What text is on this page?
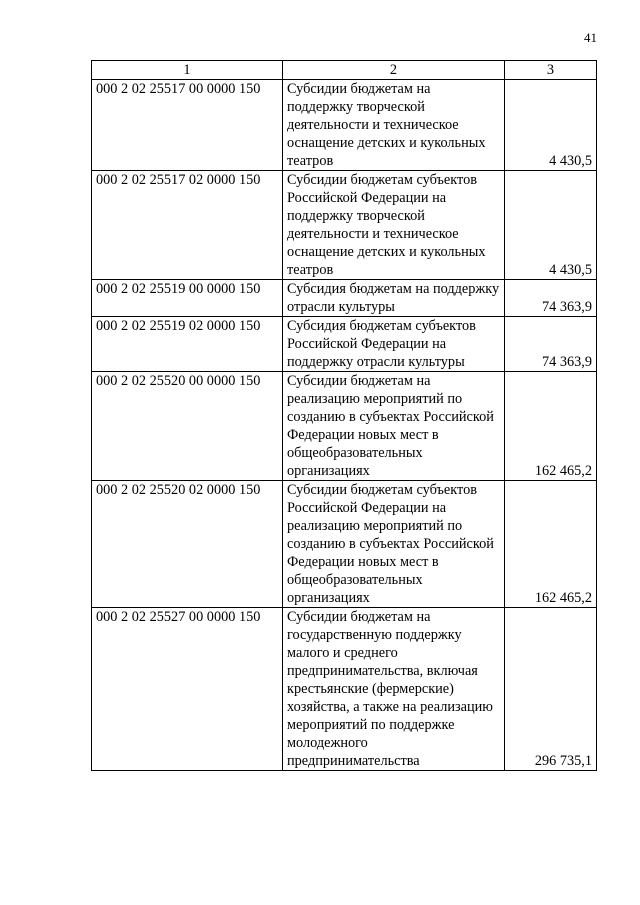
41
1	2	3
000 2 02 25517 00 0000 150	Субсидии бюджетам на поддержку творческой деятельности и техническое оснащение детских и кукольных театров	4 430,5
000 2 02 25517 02 0000 150	Субсидии бюджетам субъектов Российской Федерации на поддержку творческой деятельности и техническое оснащение детских и кукольных театров	4 430,5
000 2 02 25519 00 0000 150	Субсидия бюджетам на поддержку отрасли культуры	74 363,9
000 2 02 25519 02 0000 150	Субсидия бюджетам субъектов Российской Федерации на поддержку отрасли культуры	74 363,9
000 2 02 25520 00 0000 150	Субсидии бюджетам на реализацию мероприятий по созданию в субъектах Российской Федерации новых мест в общеобразовательных организациях	162 465,2
000 2 02 25520 02 0000 150	Субсидии бюджетам субъектов Российской Федерации на реализацию мероприятий по созданию в субъектах Российской Федерации новых мест в общеобразовательных организациях	162 465,2
000 2 02 25527 00 0000 150	Субсидии бюджетам на государственную поддержку малого и среднего предпринимательства, включая крестьянские (фермерские) хозяйства, а также на реализацию мероприятий по поддержке молодежного предпринимательства	296 735,1
